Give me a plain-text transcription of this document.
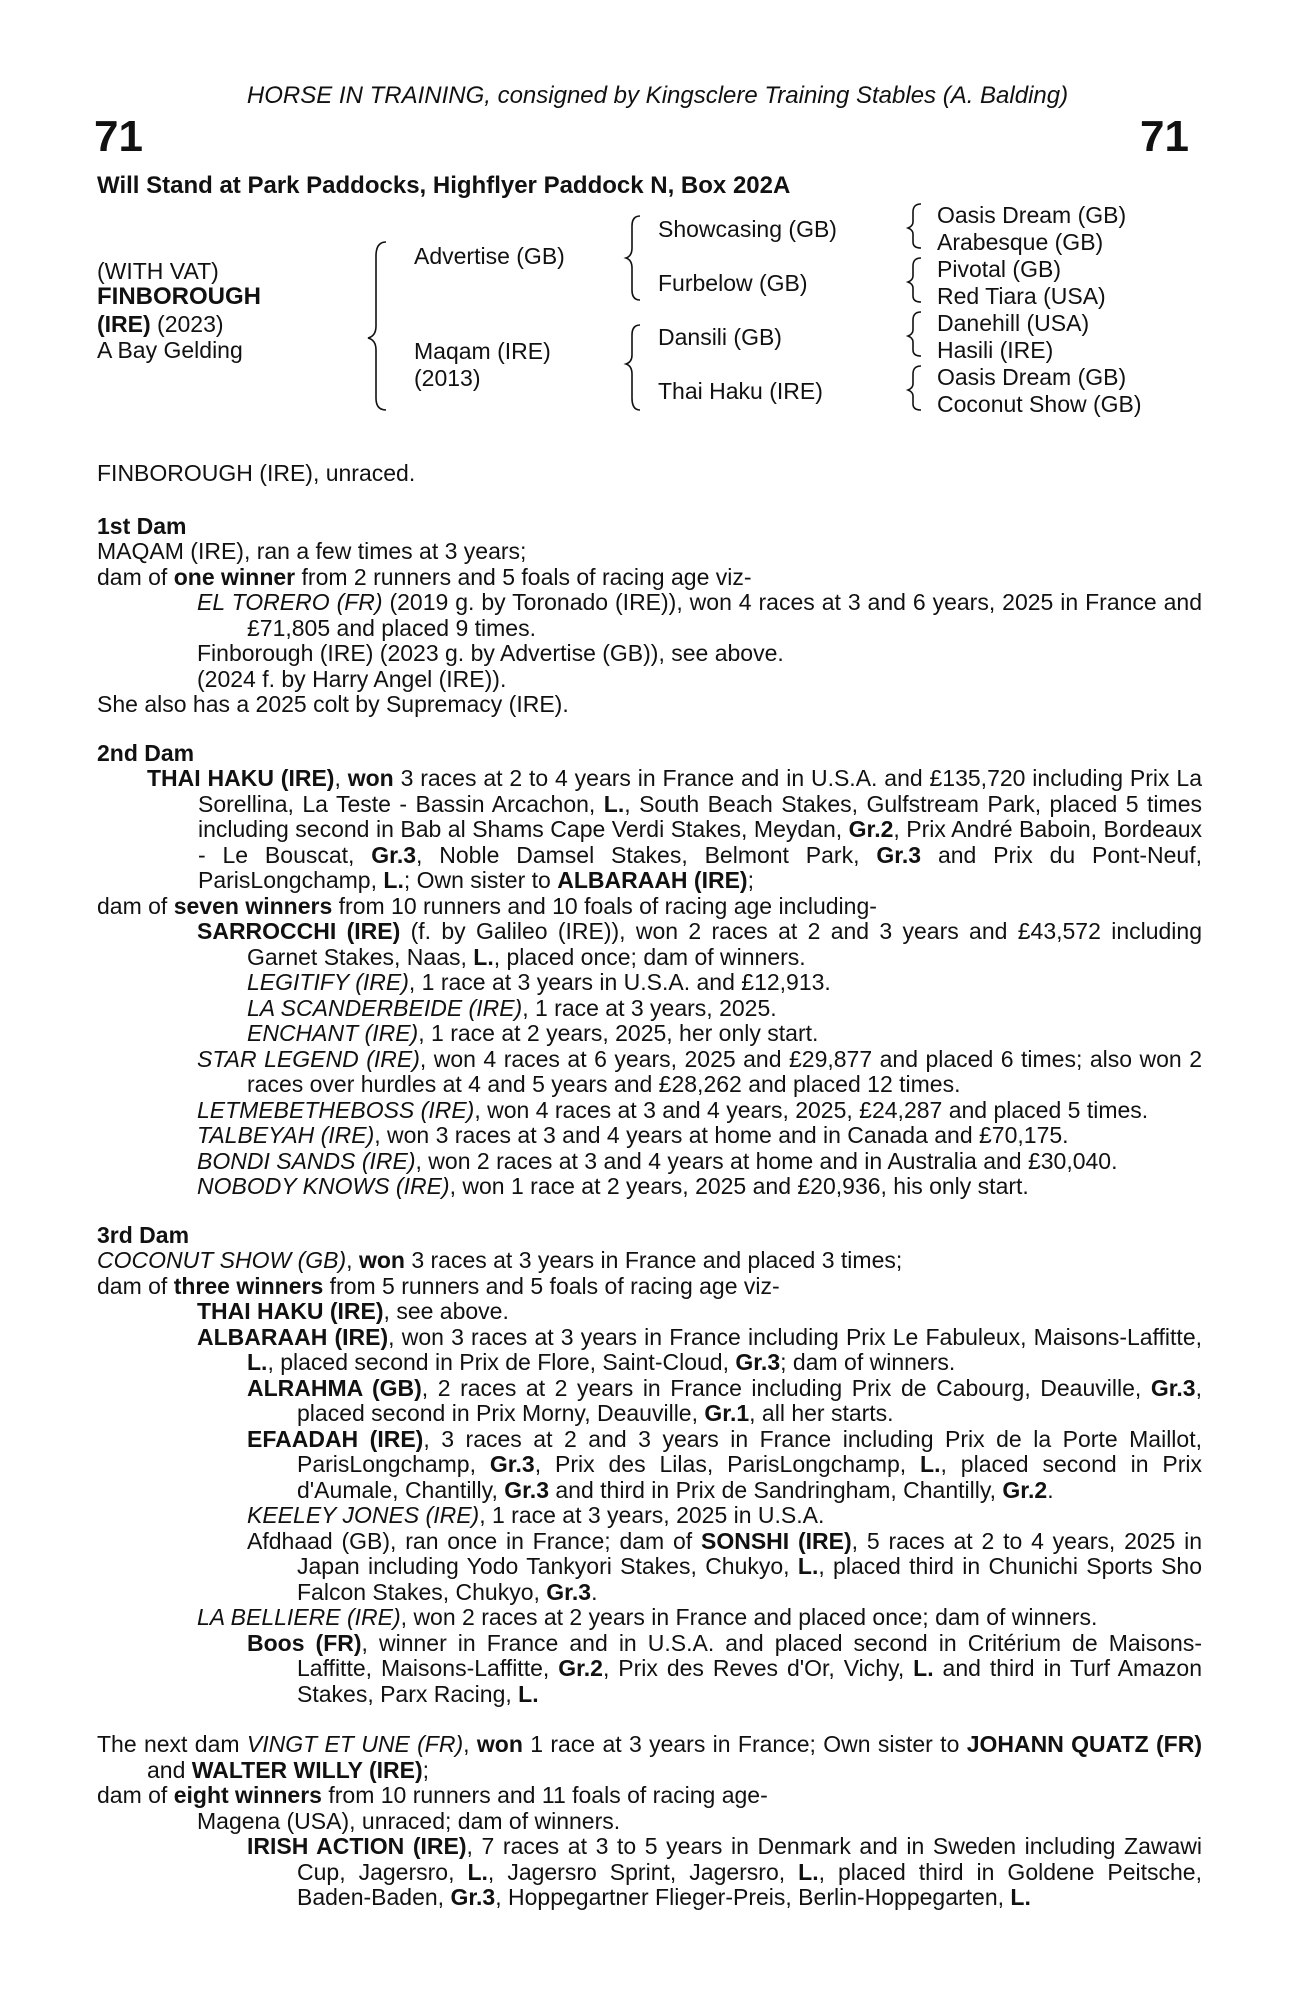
HORSE IN TRAINING, consigned by Kingsclere Training Stables (A. Balding)
71	71
Will Stand at Park Paddocks, Highflyer Paddock N, Box 202A
(WITH VAT)
FINBOROUGH
(IRE) (2023)
A Bay Gelding
Advertise (GB)
Maqam (IRE)
(2013)
Showcasing (GB)
Furbelow (GB)
Dansili (GB)
Thai Haku (IRE)
Oasis Dream (GB)
Arabesque (GB)
Pivotal (GB)
Red Tiara (USA)
Danehill (USA)
Hasili (IRE)
Oasis Dream (GB)
Coconut Show (GB)
FINBOROUGH (IRE), unraced.
1st Dam
MAQAM (IRE), ran a few times at 3 years;
dam of one winner from 2 runners and 5 foals of racing age viz-
EL TORERO (FR) (2019 g. by Toronado (IRE)), won 4 races at 3 and 6 years, 2025 in France and £71,805 and placed 9 times.
Finborough (IRE) (2023 g. by Advertise (GB)), see above.
(2024 f. by Harry Angel (IRE)).
She also has a 2025 colt by Supremacy (IRE).
2nd Dam
THAI HAKU (IRE), won 3 races at 2 to 4 years in France and in U.S.A. and £135,720 including Prix La Sorellina, La Teste - Bassin Arcachon, L., South Beach Stakes, Gulfstream Park, placed 5 times including second in Bab al Shams Cape Verdi Stakes, Meydan, Gr.2, Prix André Baboin, Bordeaux - Le Bouscat, Gr.3, Noble Damsel Stakes, Belmont Park, Gr.3 and Prix du Pont-Neuf, ParisLongchamp, L.; Own sister to ALBARAAH (IRE);
dam of seven winners from 10 runners and 10 foals of racing age including-
SARROCCHI (IRE) (f. by Galileo (IRE)), won 2 races at 2 and 3 years and £43,572 including Garnet Stakes, Naas, L., placed once; dam of winners.
LEGITIFY (IRE), 1 race at 3 years in U.S.A. and £12,913.
LA SCANDERBEIDE (IRE), 1 race at 3 years, 2025.
ENCHANT (IRE), 1 race at 2 years, 2025, her only start.
STAR LEGEND (IRE), won 4 races at 6 years, 2025 and £29,877 and placed 6 times; also won 2 races over hurdles at 4 and 5 years and £28,262 and placed 12 times.
LETMEBETHEBOSS (IRE), won 4 races at 3 and 4 years, 2025, £24,287 and placed 5 times.
TALBEYAH (IRE), won 3 races at 3 and 4 years at home and in Canada and £70,175.
BONDI SANDS (IRE), won 2 races at 3 and 4 years at home and in Australia and £30,040.
NOBODY KNOWS (IRE), won 1 race at 2 years, 2025 and £20,936, his only start.
3rd Dam
COCONUT SHOW (GB), won 3 races at 3 years in France and placed 3 times;
dam of three winners from 5 runners and 5 foals of racing age viz-
THAI HAKU (IRE), see above.
ALBARAAH (IRE), won 3 races at 3 years in France including Prix Le Fabuleux, Maisons-Laffitte, L., placed second in Prix de Flore, Saint-Cloud, Gr.3; dam of winners.
ALRAHMA (GB), 2 races at 2 years in France including Prix de Cabourg, Deauville, Gr.3, placed second in Prix Morny, Deauville, Gr.1, all her starts.
EFAADAH (IRE), 3 races at 2 and 3 years in France including Prix de la Porte Maillot, ParisLongchamp, Gr.3, Prix des Lilas, ParisLongchamp, L., placed second in Prix d'Aumale, Chantilly, Gr.3 and third in Prix de Sandringham, Chantilly, Gr.2.
KEELEY JONES (IRE), 1 race at 3 years, 2025 in U.S.A.
Afdhaad (GB), ran once in France; dam of SONSHI (IRE), 5 races at 2 to 4 years, 2025 in Japan including Yodo Tankyori Stakes, Chukyo, L., placed third in Chunichi Sports Sho Falcon Stakes, Chukyo, Gr.3.
LA BELLIERE (IRE), won 2 races at 2 years in France and placed once; dam of winners.
Boos (FR), winner in France and in U.S.A. and placed second in Critérium de Maisons-Laffitte, Maisons-Laffitte, Gr.2, Prix des Reves d'Or, Vichy, L. and third in Turf Amazon Stakes, Parx Racing, L.
The next dam VINGT ET UNE (FR), won 1 race at 3 years in France; Own sister to JOHANN QUATZ (FR) and WALTER WILLY (IRE);
dam of eight winners from 10 runners and 11 foals of racing age-
Magena (USA), unraced; dam of winners.
IRISH ACTION (IRE), 7 races at 3 to 5 years in Denmark and in Sweden including Zawawi Cup, Jagersro, L., Jagersro Sprint, Jagersro, L., placed third in Goldene Peitsche, Baden-Baden, Gr.3, Hoppegartner Flieger-Preis, Berlin-Hoppegarten, L.
